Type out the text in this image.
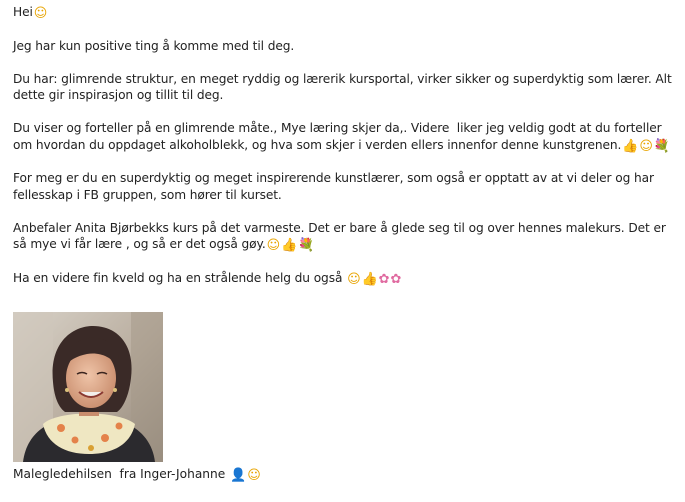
Hei☺
Jeg har kun positive ting å komme med til deg.
Du har: glimrende struktur, en meget ryddig og lærerik kursportal, virker sikker og superdyktig som lærer. Alt dette gir inspirasjon og tillit til deg.
Du viser og forteller på en glimrende måte., Mye læring skjer da,. Videre  liker jeg veldig godt at du forteller om hvordan du oppdaget alkoholblekk, og hva som skjer i verden ellers innenfor denne kunstgrenen.👍☺💐
For meg er du en superdyktig og meget inspirerende kunstlærer, som også er opptatt av at vi deler og har fellesskap i FB gruppen, som hører til kurset.
Anbefaler Anita Bjørbekks kurs på det varmeste. Det er bare å glede seg til og over hennes malekurs. Det er så mye vi får lære , og så er det også gøy.☺👍💐
Ha en videre fin kveld og ha en strålende helg du også ☺👍✿✿
Malegledehilsen  fra Inger-Johanne 👤☺
